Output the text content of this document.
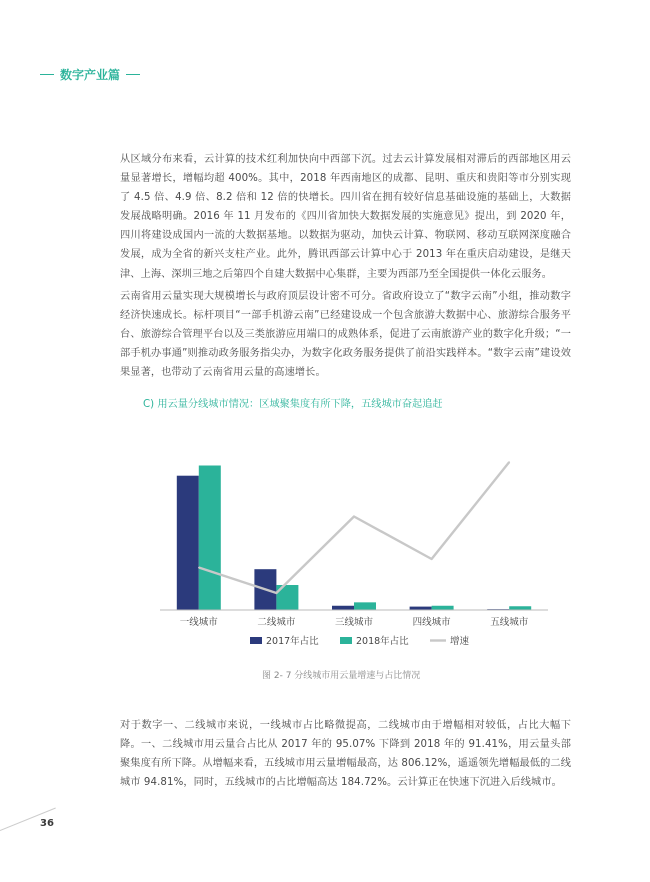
数字产业篇

从区域分布来看，云计算的技术红利加快向中西部下沉。过去云计算发展相对滞后的西部地区用云量显著增长，增幅均超 400%。其中，2018 年西南地区的成都、昆明、重庆和贵阳等市分别实现了 4.5 倍、4.9 倍、8.2 倍和 12 倍的快增长。四川省在拥有较好信息基础设施的基础上，大数据发展战略明确。2016 年 11 月发布的《四川省加快大数据发展的实施意见》提出，到 2020 年，四川将建设成国内一流的大数据基地。以数据为驱动，加快云计算、物联网、移动互联网深度融合发展，成为全省的新兴支柱产业。此外，腾讯西部云计算中心于 2013 年在重庆启动建设，是继天津、上海、深圳三地之后第四个自建大数据中心集群，主要为西部乃至全国提供一体化云服务。

云南省用云量实现大规模增长与政府顶层设计密不可分。省政府设立了“数字云南”小组，推动数字经济快速成长。标杆项目“一部手机游云南”已经建设成一个包含旅游大数据中心、旅游综合服务平台、旅游综合管理平台以及三类旅游应用端口的成熟体系，促进了云南旅游产业的数字化升级；“一部手机办事通”则推动政务服务指尖办，为数字化政务服务提供了前沿实践样本。“数字云南”建设效果显著，也带动了云南省用云量的高速增长。

C) 用云量分线城市情况：区域聚集度有所下降，五线城市奋起追赶
一线城市	二线城市	三线城市	四线城市	五线城市
2017年占比	2018年占比	增速
图 2- 7 分线城市用云量增速与占比情况

对于数字一、二线城市来说，一线城市占比略微提高，二线城市由于增幅相对较低，占比大幅下降。一、二线城市用云量合占比从 2017 年的 95.07% 下降到 2018 年的 91.41%，用云量头部聚集度有所下降。从增幅来看，五线城市用云量增幅最高，达 806.12%，遥遥领先增幅最低的二线城市 94.81%，同时，五线城市的占比增幅高达 184.72%。云计算正在快速下沉进入后线城市。

36
